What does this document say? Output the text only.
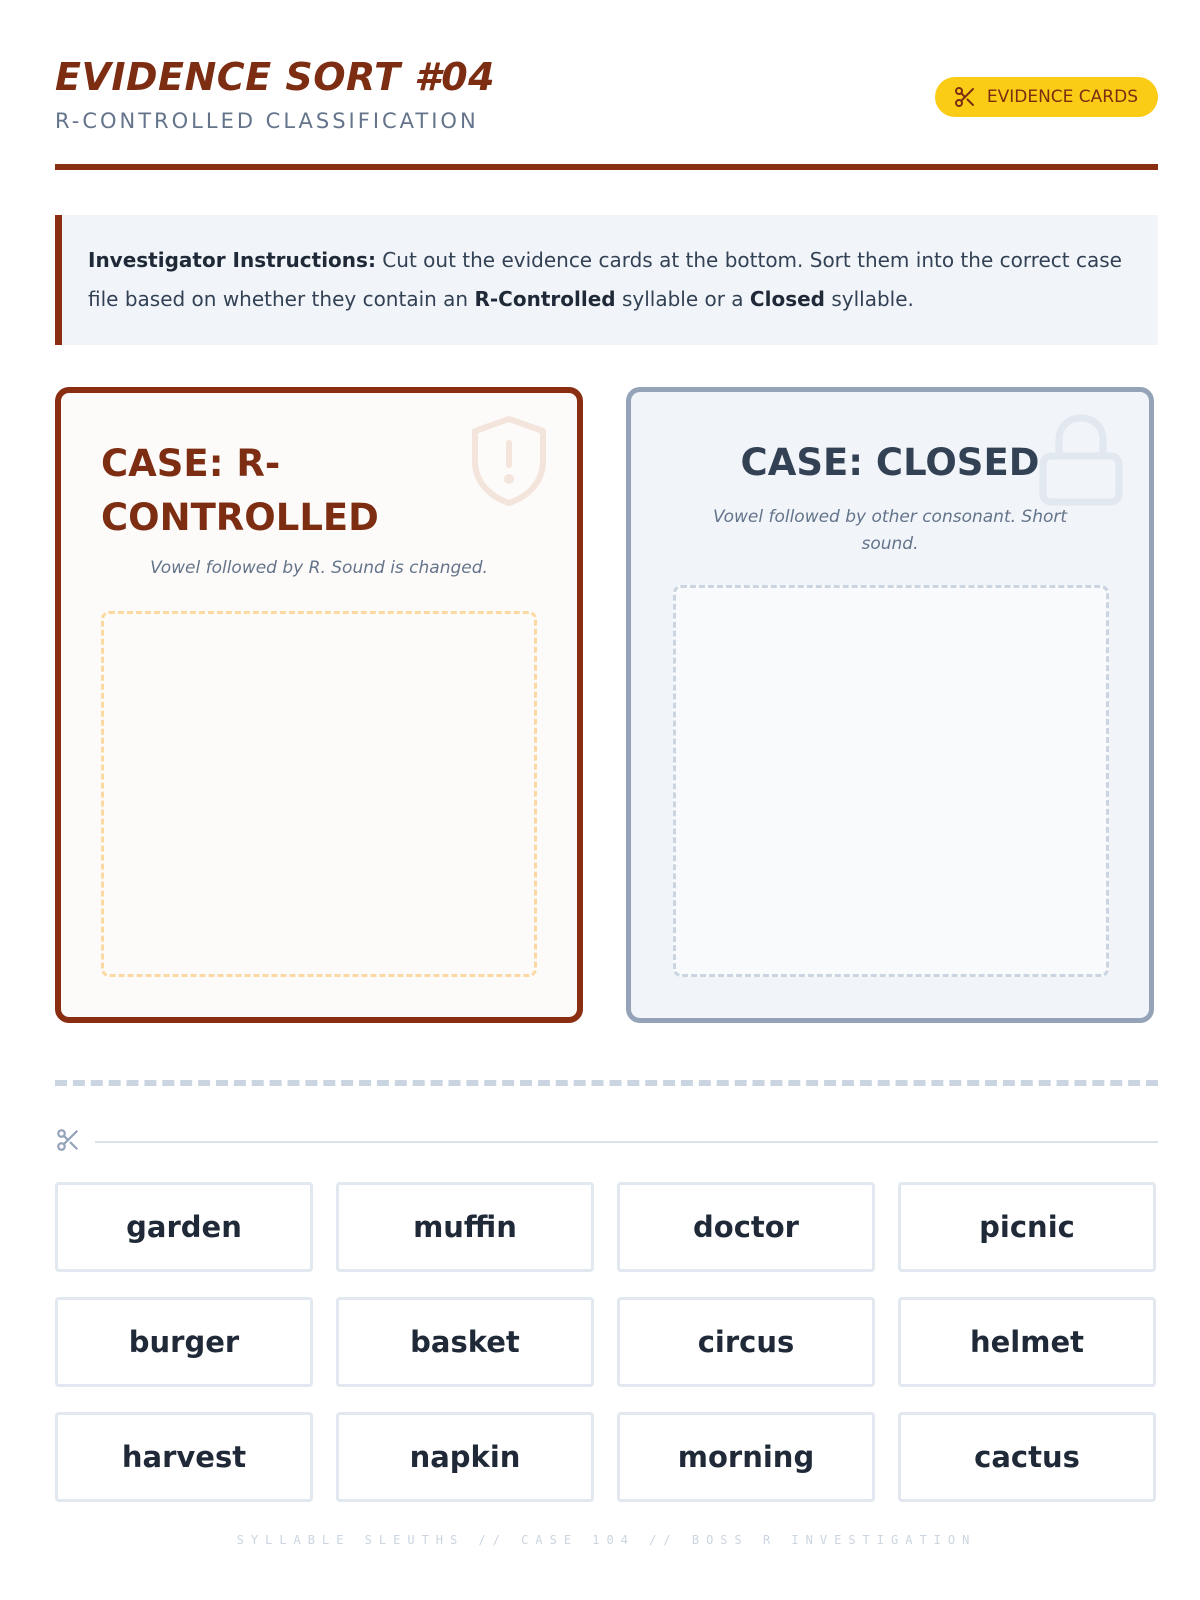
EVIDENCE SORT #04
R-CONTROLLED CLASSIFICATION
EVIDENCE CARDS
Investigator Instructions: Cut out the evidence cards at the bottom. Sort them into the correct case file based on whether they contain an R-Controlled syllable or a Closed syllable.
CASE: R-CONTROLLED
Vowel followed by R. Sound is changed.
CASE: CLOSED
Vowel followed by other consonant. Short sound.
garden	muffin	doctor	picnic
burger	basket	circus	helmet
harvest	napkin	morning	cactus
SYLLABLE SLEUTHS // CASE 104 // BOSS R INVESTIGATION
